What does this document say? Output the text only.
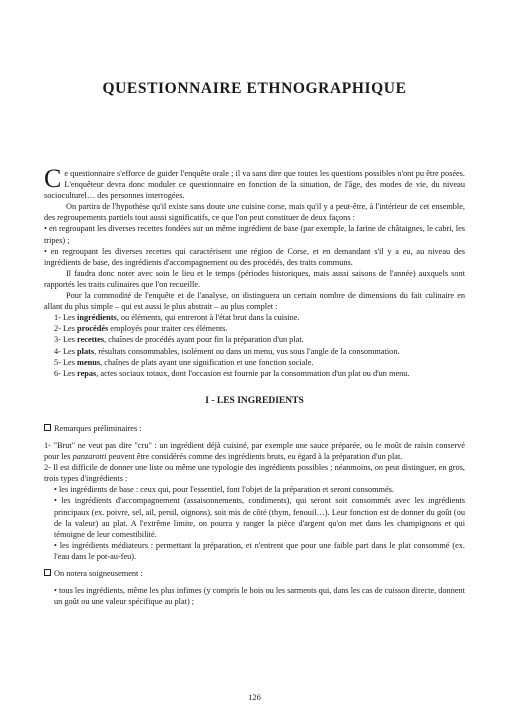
QUESTIONNAIRE ETHNOGRAPHIQUE

Ce questionnaire s'efforce de guider l'enquête orale ; il va sans dire que toutes les questions possibles n'ont pu être posées. L'enquêteur devra donc moduler ce questionnaire en fonction de la situation, de l'âge, des modes de vie, du niveau socioculturel… des personnes interrogées.

On partira de l'hypothèse qu'il existe sans doute une cuisine corse, mais qu'il y a peut-être, à l'intérieur de cet ensemble, des regroupements partiels tout aussi significatifs, ce que l'on peut constituer de deux façons :

• en regroupant les diverses recettes fondées sur un même ingrédient de base (par exemple, la farine de châtaignes, le cabri, les tripes) ;

• en regroupant les diverses recettes qui caractérisent une région de Corse, et en demandant s'il y a eu, au niveau des ingrédients de base, des ingrédients d'accompagnement ou des procédés, des traits communs.

Il faudra donc noter avec soin le lieu et le temps (périodes historiques, mais aussi saisons de l'année) auxquels sont rapportés les traits culinaires que l'on recueille.

Pour la commodité de l'enquête et de l'analyse, on distinguera un certain nombre de dimensions du fait culinaire en allant du plus simple – qui est aussi le plus abstrait – au plus complet :

1- Les ingrédients, ou éléments, qui entreront à l'état brut dans la cuisine.

2- Les procédés employés pour traiter ces éléments.

3- Les recettes, chaînes de procédés ayant pour fin la préparation d'un plat.

4- Les plats, résultats consommables, isolément ou dans un menu, vus sous l'angle de la consommation.

5- Les menus, chaînes de plats ayant une signification et une fonction sociale.

6- Les repas, actes sociaux totaux, dont l'occasion est fournie par la consommation d'un plat ou d'un menu.

I - LES INGREDIENTS

Remarques préliminaires :

1- "Brut" ne veut pas dire "cru" : un ingrédient déjà cuisiné, par exemple une sauce préparée, ou le moût de raisin conservé pour les panzarotti peuvent être considérés comme des ingrédients bruts, eu égard à la préparation d'un plat.

2- Il est difficile de donner une liste ou même une typologie des ingrédients possibles ; néanmoins, on peut distinguer, en gros, trois types d'ingrédients :

• les ingrédients de base : ceux qui, pour l'essentiel, font l'objet de la préparation et seront consommés.

• les ingrédients d'accompagnement (assaisonnements, condiments), qui seront soit consommés avec les ingrédients principaux (ex. poivre, sel, ail, persil, oignons), soit mis de côté (thym, fenouil…). Leur fonction est de donner du goût (ou de la valeur) au plat. A l'extrême limite, on pourra y ranger la pièce d'argent qu'on met dans les champignons et qui témoigne de leur comestibilité.

• les ingrédients médiateurs : permettant la préparation, et n'entrent que pour une faible part dans le plat consommé (ex. l'eau dans le pot-au-feu).

On notera soigneusement :

• tous les ingrédients, même les plus infimes (y compris le bois ou les sarments qui, dans les cas de cuisson directe, donnent un goût ou une valeur spécifique au plat) ;

126
